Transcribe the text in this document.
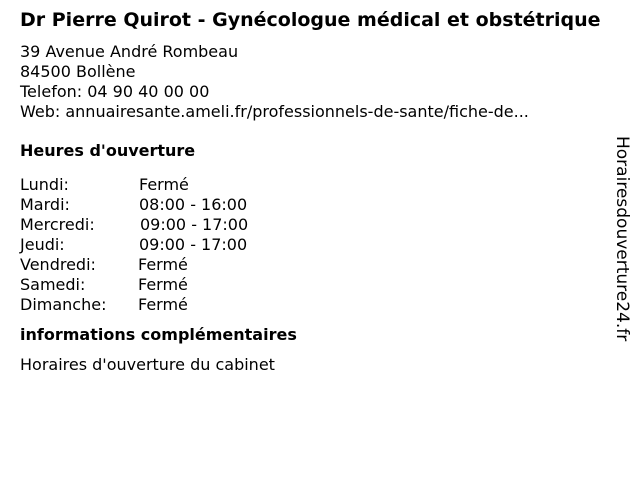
Dr Pierre Quirot - Gynécologue médical et obstétrique
39 Avenue André Rombeau
84500 Bollène
Telefon: 04 90 40 00 00
Web: annuairesante.ameli.fr/professionnels-de-sante/fiche-de...
Heures d'ouverture
Lundi:	Fermé
Mardi:	08:00 - 16:00
Mercredi:	09:00 - 17:00
Jeudi:	09:00 - 17:00
Vendredi:	Fermé
Samedi:	Fermé
Dimanche: Fermé
informations complémentaires
Horaires d'ouverture du cabinet
Horairesdouverture24.fr
